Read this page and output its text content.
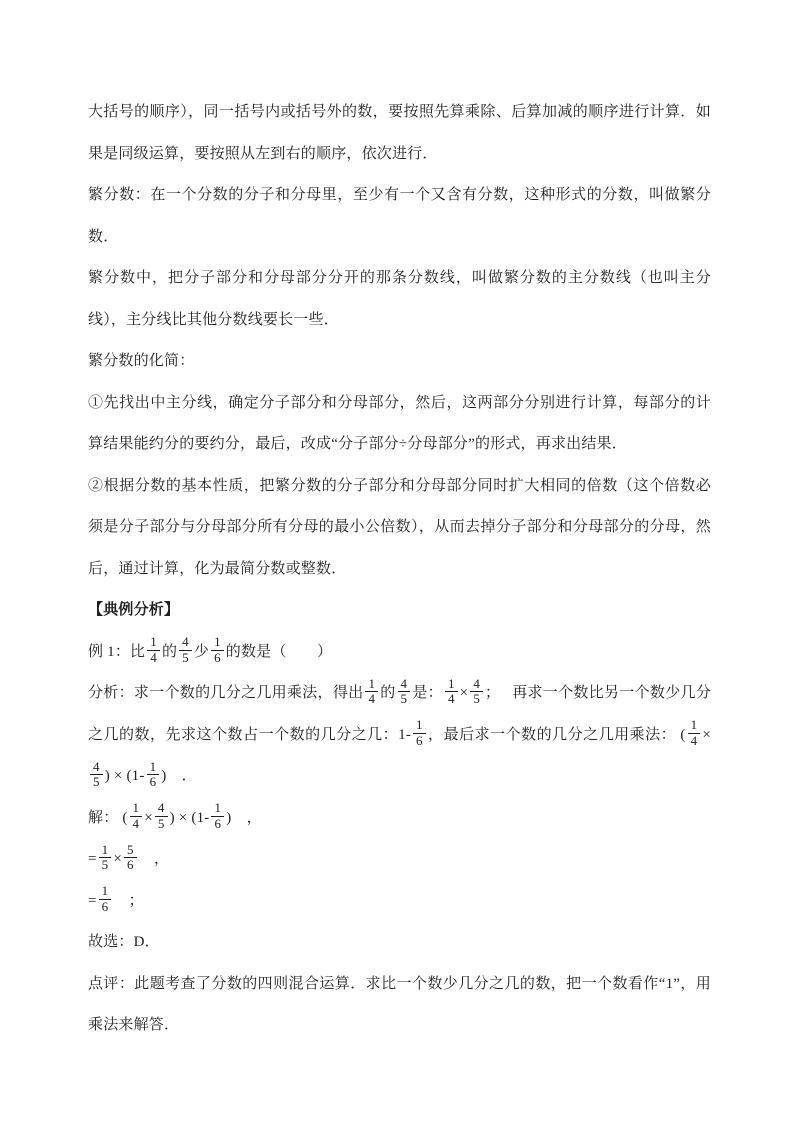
大括号的顺序），同一括号内或括号外的数，要按照先算乘除、后算加减的顺序进行计算．如果是同级运算，要按照从左到右的顺序，依次进行．

繁分数：在一个分数的分子和分母里，至少有一个又含有分数，这种形式的分数，叫做繁分数．

繁分数中，把分子部分和分母部分分开的那条分数线，叫做繁分数的主分数线（也叫主分线），主分线比其他分数线要长一些．

繁分数的化简：

①先找出中主分线，确定分子部分和分母部分，然后，这两部分分别进行计算，每部分的计算结果能约分的要约分，最后，改成“分子部分÷分母部分”的形式，再求出结果．

②根据分数的基本性质，把繁分数的分子部分和分母部分同时扩大相同的倍数（这个倍数必须是分子部分与分母部分所有分母的最小公倍数），从而去掉分子部分和分母部分的分母，然后，通过计算，化为最简分数或整数．

【典例分析】

例 1：比 $\frac{1}{4}$ 的 $\frac{4}{5}$ 少 $\frac{1}{6}$ 的数是（　　）

分析：求一个数的几分之几用乘法，得出 $\frac{1}{4}$ 的 $\frac{4}{5}$ 是： $\frac{1}{4} \times \frac{4}{5}$ ；　 再求一个数比另一个数少几分之几的数，先求这个数占一个数的几分之几：$1- \frac{1}{6}$ ，最后求一个数的几分之几用乘法： ( $\frac{1}{4}$ ×
$\frac{4}{5}$ ) × ($1- \frac{1}{6}$ )　．

解： ( $\frac{1}{4} \times \frac{4}{5}$ ) × ($1- \frac{1}{6}$ )　，

= $\frac{1}{5} \times \frac{5}{6}$ 　，

= $\frac{1}{6}$ 　；

故选：D．

点评：此题考查了分数的四则混合运算．求比一个数少几分之几的数，把一个数看作“1”，用乘法来解答．
